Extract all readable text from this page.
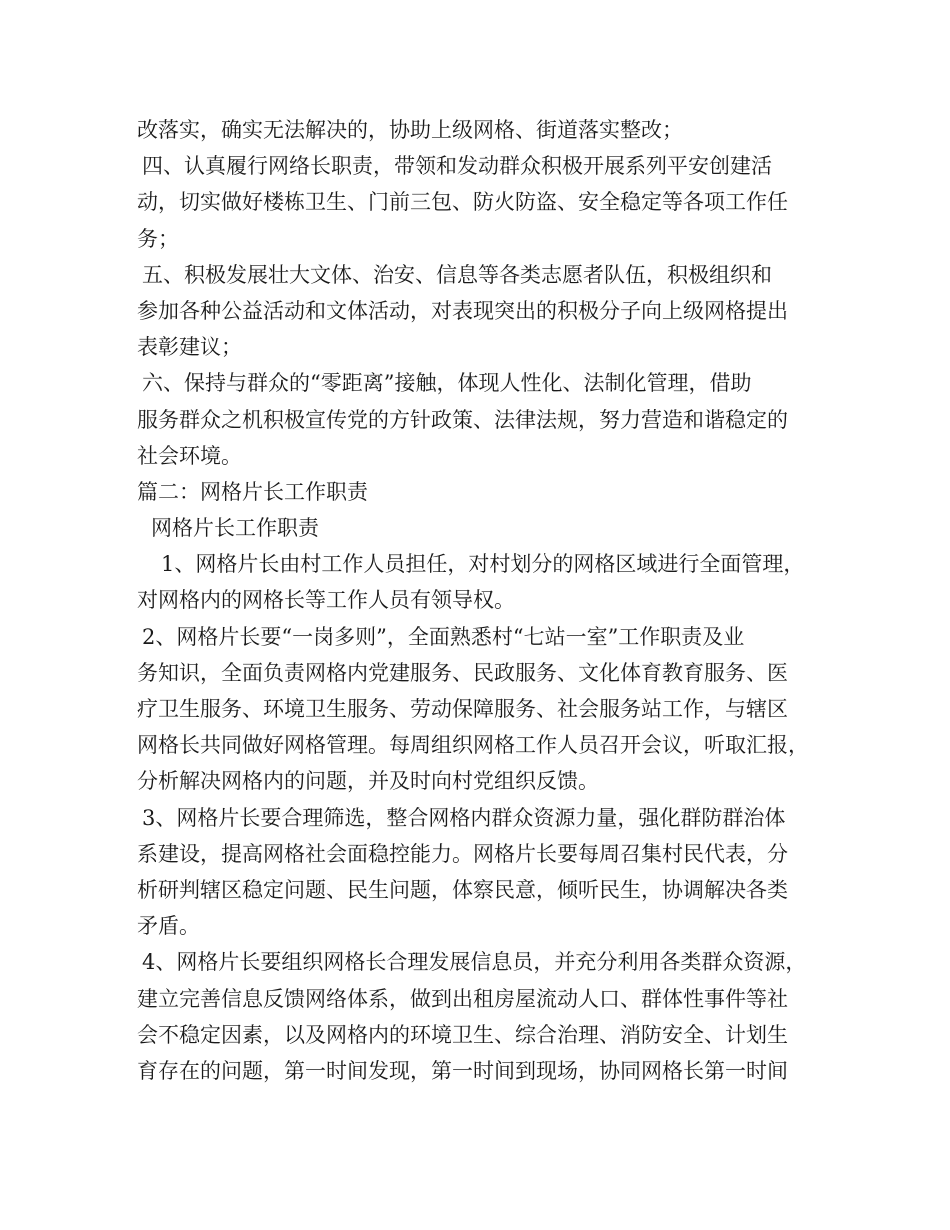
改落实，确实无法解决的，协助上级网格、街道落实整改；
四、认真履行网络长职责，带领和发动群众积极开展系列平安创建活
动，切实做好楼栋卫生、门前三包、防火防盗、安全稳定等各项工作任
务；
五、积极发展壮大文体、治安、信息等各类志愿者队伍，积极组织和
参加各种公益活动和文体活动，对表现突出的积极分子向上级网格提出
表彰建议；
六、保持与群众的“零距离”接触，体现人性化、法制化管理，借助
服务群众之机积极宣传党的方针政策、法律法规，努力营造和谐稳定的
社会环境。
篇二：网格片长工作职责
网格片长工作职责
1、网格片长由村工作人员担任，对村划分的网格区域进行全面管理，
对网格内的网格长等工作人员有领导权。
2、网格片长要“一岗多则”，全面熟悉村“七站一室”工作职责及业
务知识，全面负责网格内党建服务、民政服务、文化体育教育服务、医
疗卫生服务、环境卫生服务、劳动保障服务、社会服务站工作，与辖区
网格长共同做好网格管理。每周组织网格工作人员召开会议，听取汇报，
分析解决网格内的问题，并及时向村党组织反馈。
3、网格片长要合理筛选，整合网格内群众资源力量，强化群防群治体
系建设，提高网格社会面稳控能力。网格片长要每周召集村民代表，分
析研判辖区稳定问题、民生问题，体察民意，倾听民生，协调解决各类
矛盾。
4、网格片长要组织网格长合理发展信息员，并充分利用各类群众资源，
建立完善信息反馈网络体系，做到出租房屋流动人口、群体性事件等社
会不稳定因素，以及网格内的环境卫生、综合治理、消防安全、计划生
育存在的问题，第一时间发现，第一时间到现场，协同网格长第一时间
